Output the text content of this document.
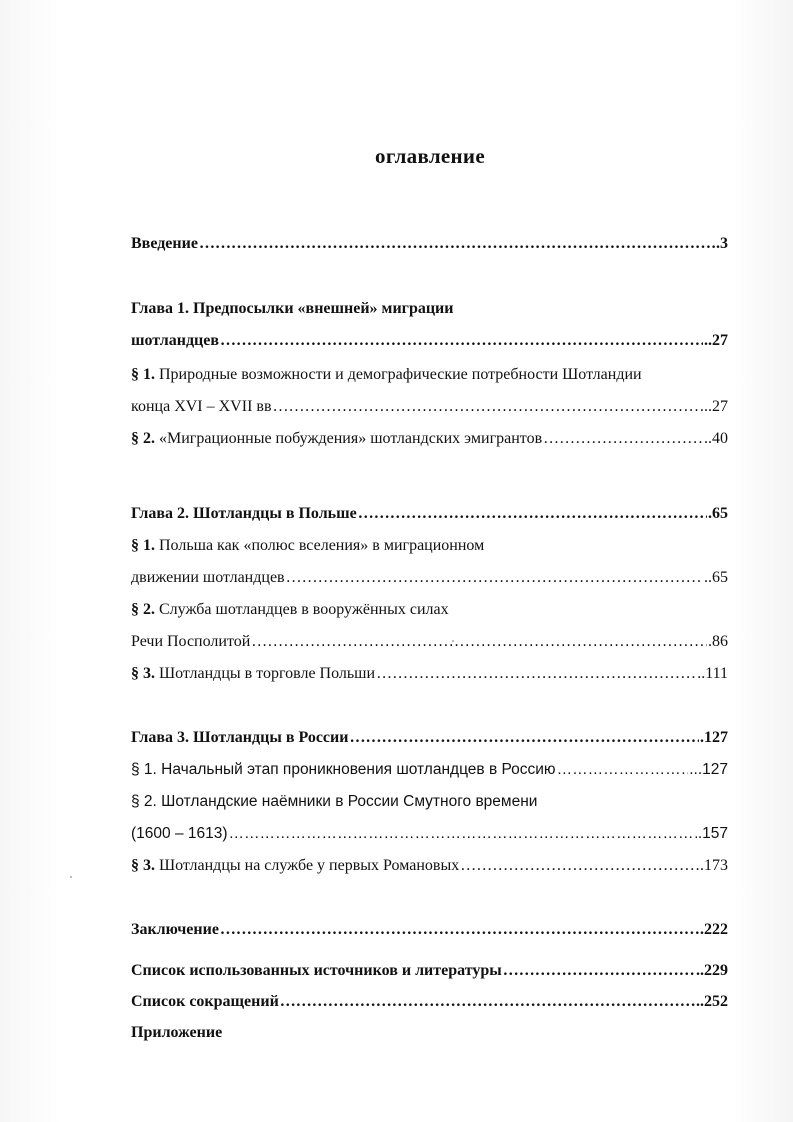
оглавление
Введение ……………………………………………………………………………………………………………………………………………………………………………………………	.3
Глава 1. Предпосылки «внешней» миграции
шотландцев ……………………………………………………………………………………………………………………………………………………………………………………………	..27
§ 1. Природные возможности и демографические потребности Шотландии
конца XVI – XVII вв ……………………………………………………………………………………………………………………………………………………………………………………………	..27
§ 2. «Миграционные побуждения» шотландских эмигрантов ……………………………………………………………………………………………………………………………………………………………………………………………	..40
Глава 2. Шотландцы в Польше ……………………………………………………………………………………………………………………………………………………………………………………………	.65
§ 1. Польша как «полюс вселения» в миграционном
движении шотландцев ……………………………………………………………………………………………………………………………………………………………………………………………	..65
§ 2. Служба шотландцев в вооружённых силах
Речи Посполитой ……………………………………………………………………………………………………………………………………………………………………………………………	.86
§ 3. Шотландцы в торговле Польши ……………………………………………………………………………………………………………………………………………………………………………………………	..111
Глава 3. Шотландцы в России ……………………………………………………………………………………………………………………………………………………………………………………………	.127
§ 1. Начальный этап проникновения шотландцев в Россию ……………………………………………………………………………………………………………………………………………………………………………………………	...127
§ 2. Шотландские наёмники в России Смутного времени
(1600 – 1613) ……………………………………………………………………………………………………………………………………………………………………………………………	.157
§ 3. Шотландцы на службе у первых Романовых ……………………………………………………………………………………………………………………………………………………………………………………………	.173
Заключение ……………………………………………………………………………………………………………………………………………………………………………………………	.222
Список использованных источников и литературы ……………………………………………………………………………………………………………………………………………………………………………………………	..229
Список сокращений ……………………………………………………………………………………………………………………………………………………………………………………………	..252
Приложение
